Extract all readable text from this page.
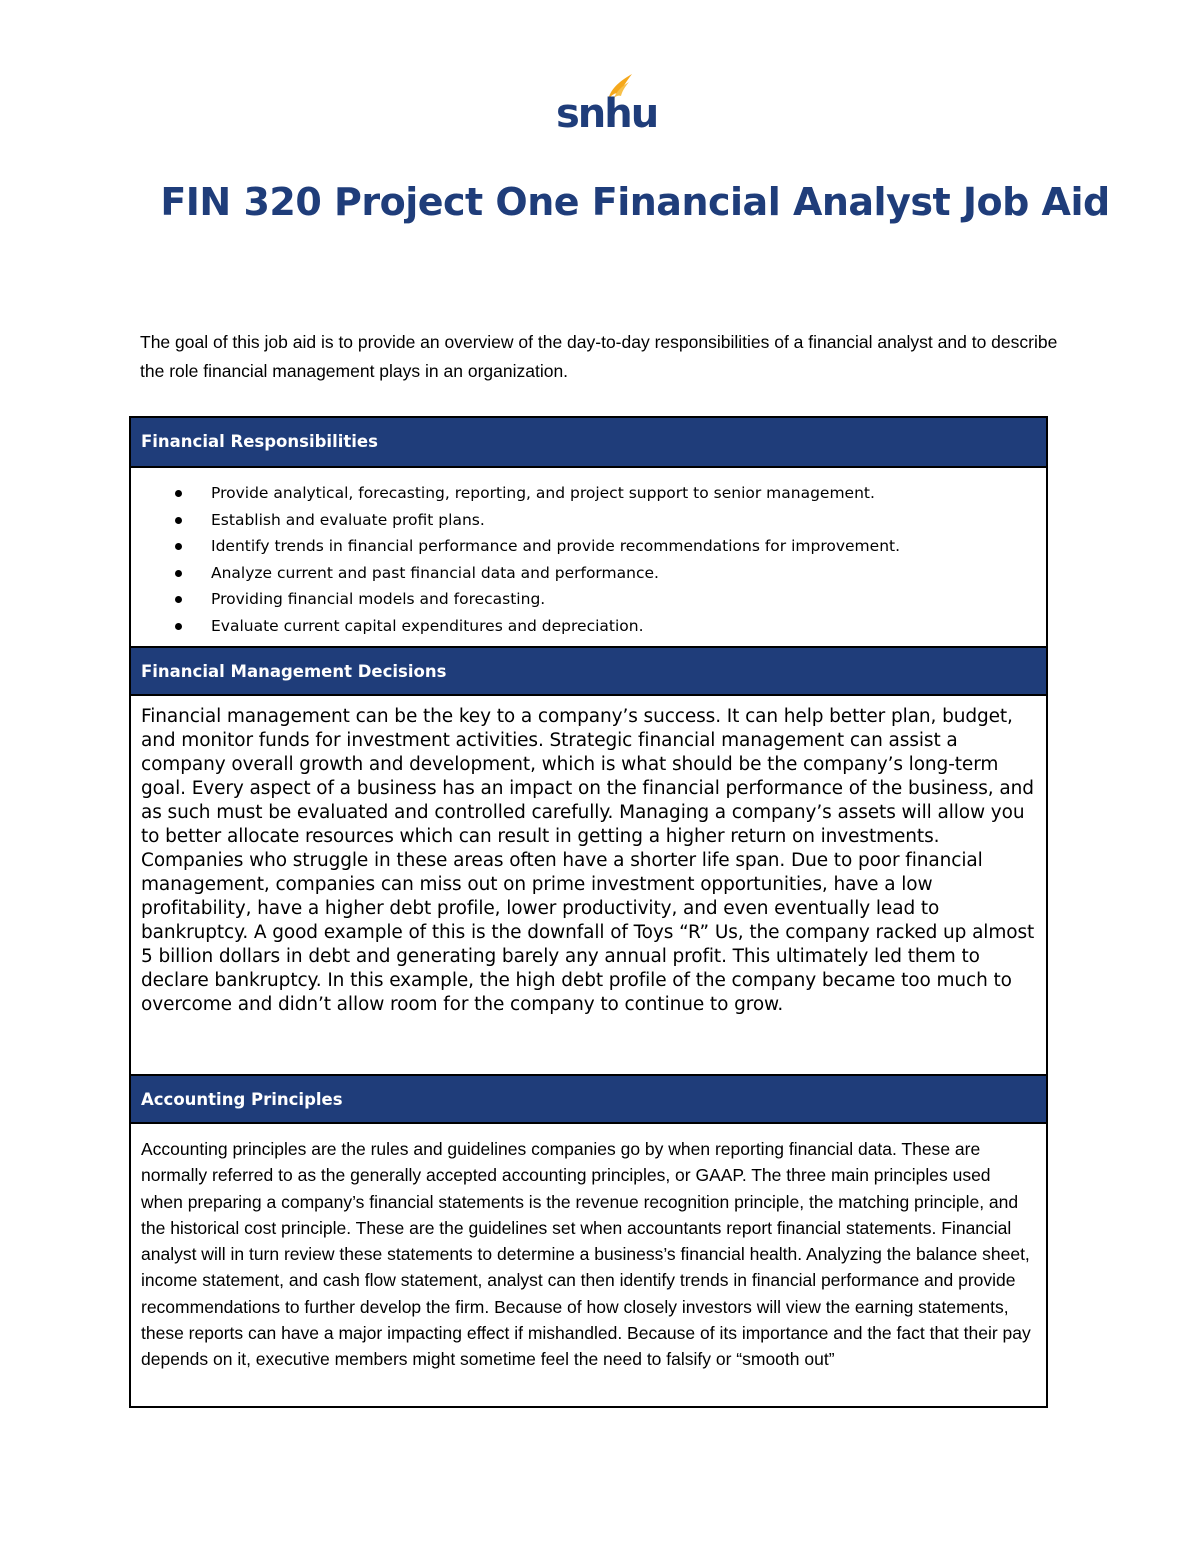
snhu
FIN 320 Project One Financial Analyst Job Aid
The goal of this job aid is to provide an overview of the day-to-day responsibilities of a financial analyst and to describe the role financial management plays in an organization.
Financial Responsibilities
Provide analytical, forecasting, reporting, and project support to senior management.
Establish and evaluate profit plans.
Identify trends in financial performance and provide recommendations for improvement.
Analyze current and past financial data and performance.
Providing financial models and forecasting.
Evaluate current capital expenditures and depreciation.
Financial Management Decisions
Financial management can be the key to a company’s success. It can help better plan, budget, and monitor funds for investment activities. Strategic financial management can assist a company overall growth and development, which is what should be the company’s long-term goal. Every aspect of a business has an impact on the financial performance of the business, and as such must be evaluated and controlled carefully. Managing a company’s assets will allow you to better allocate resources which can result in getting a higher return on investments. Companies who struggle in these areas often have a shorter life span. Due to poor financial management, companies can miss out on prime investment opportunities, have a low profitability, have a higher debt profile, lower productivity, and even eventually lead to bankruptcy. A good example of this is the downfall of Toys “R” Us, the company racked up almost 5 billion dollars in debt and generating barely any annual profit. This ultimately led them to declare bankruptcy. In this example, the high debt profile of the company became too much to overcome and didn’t allow room for the company to continue to grow.
Accounting Principles
Accounting principles are the rules and guidelines companies go by when reporting financial data. These are normally referred to as the generally accepted accounting principles, or GAAP. The three main principles used when preparing a company’s financial statements is the revenue recognition principle, the matching principle, and the historical cost principle. These are the guidelines set when accountants report financial statements. Financial analyst will in turn review these statements to determine a business’s financial health. Analyzing the balance sheet, income statement, and cash flow statement, analyst can then identify trends in financial performance and provide recommendations to further develop the firm. Because of how closely investors will view the earning statements, these reports can have a major impacting effect if mishandled. Because of its importance and the fact that their pay depends on it, executive members might sometime feel the need to falsify or “smooth out”
